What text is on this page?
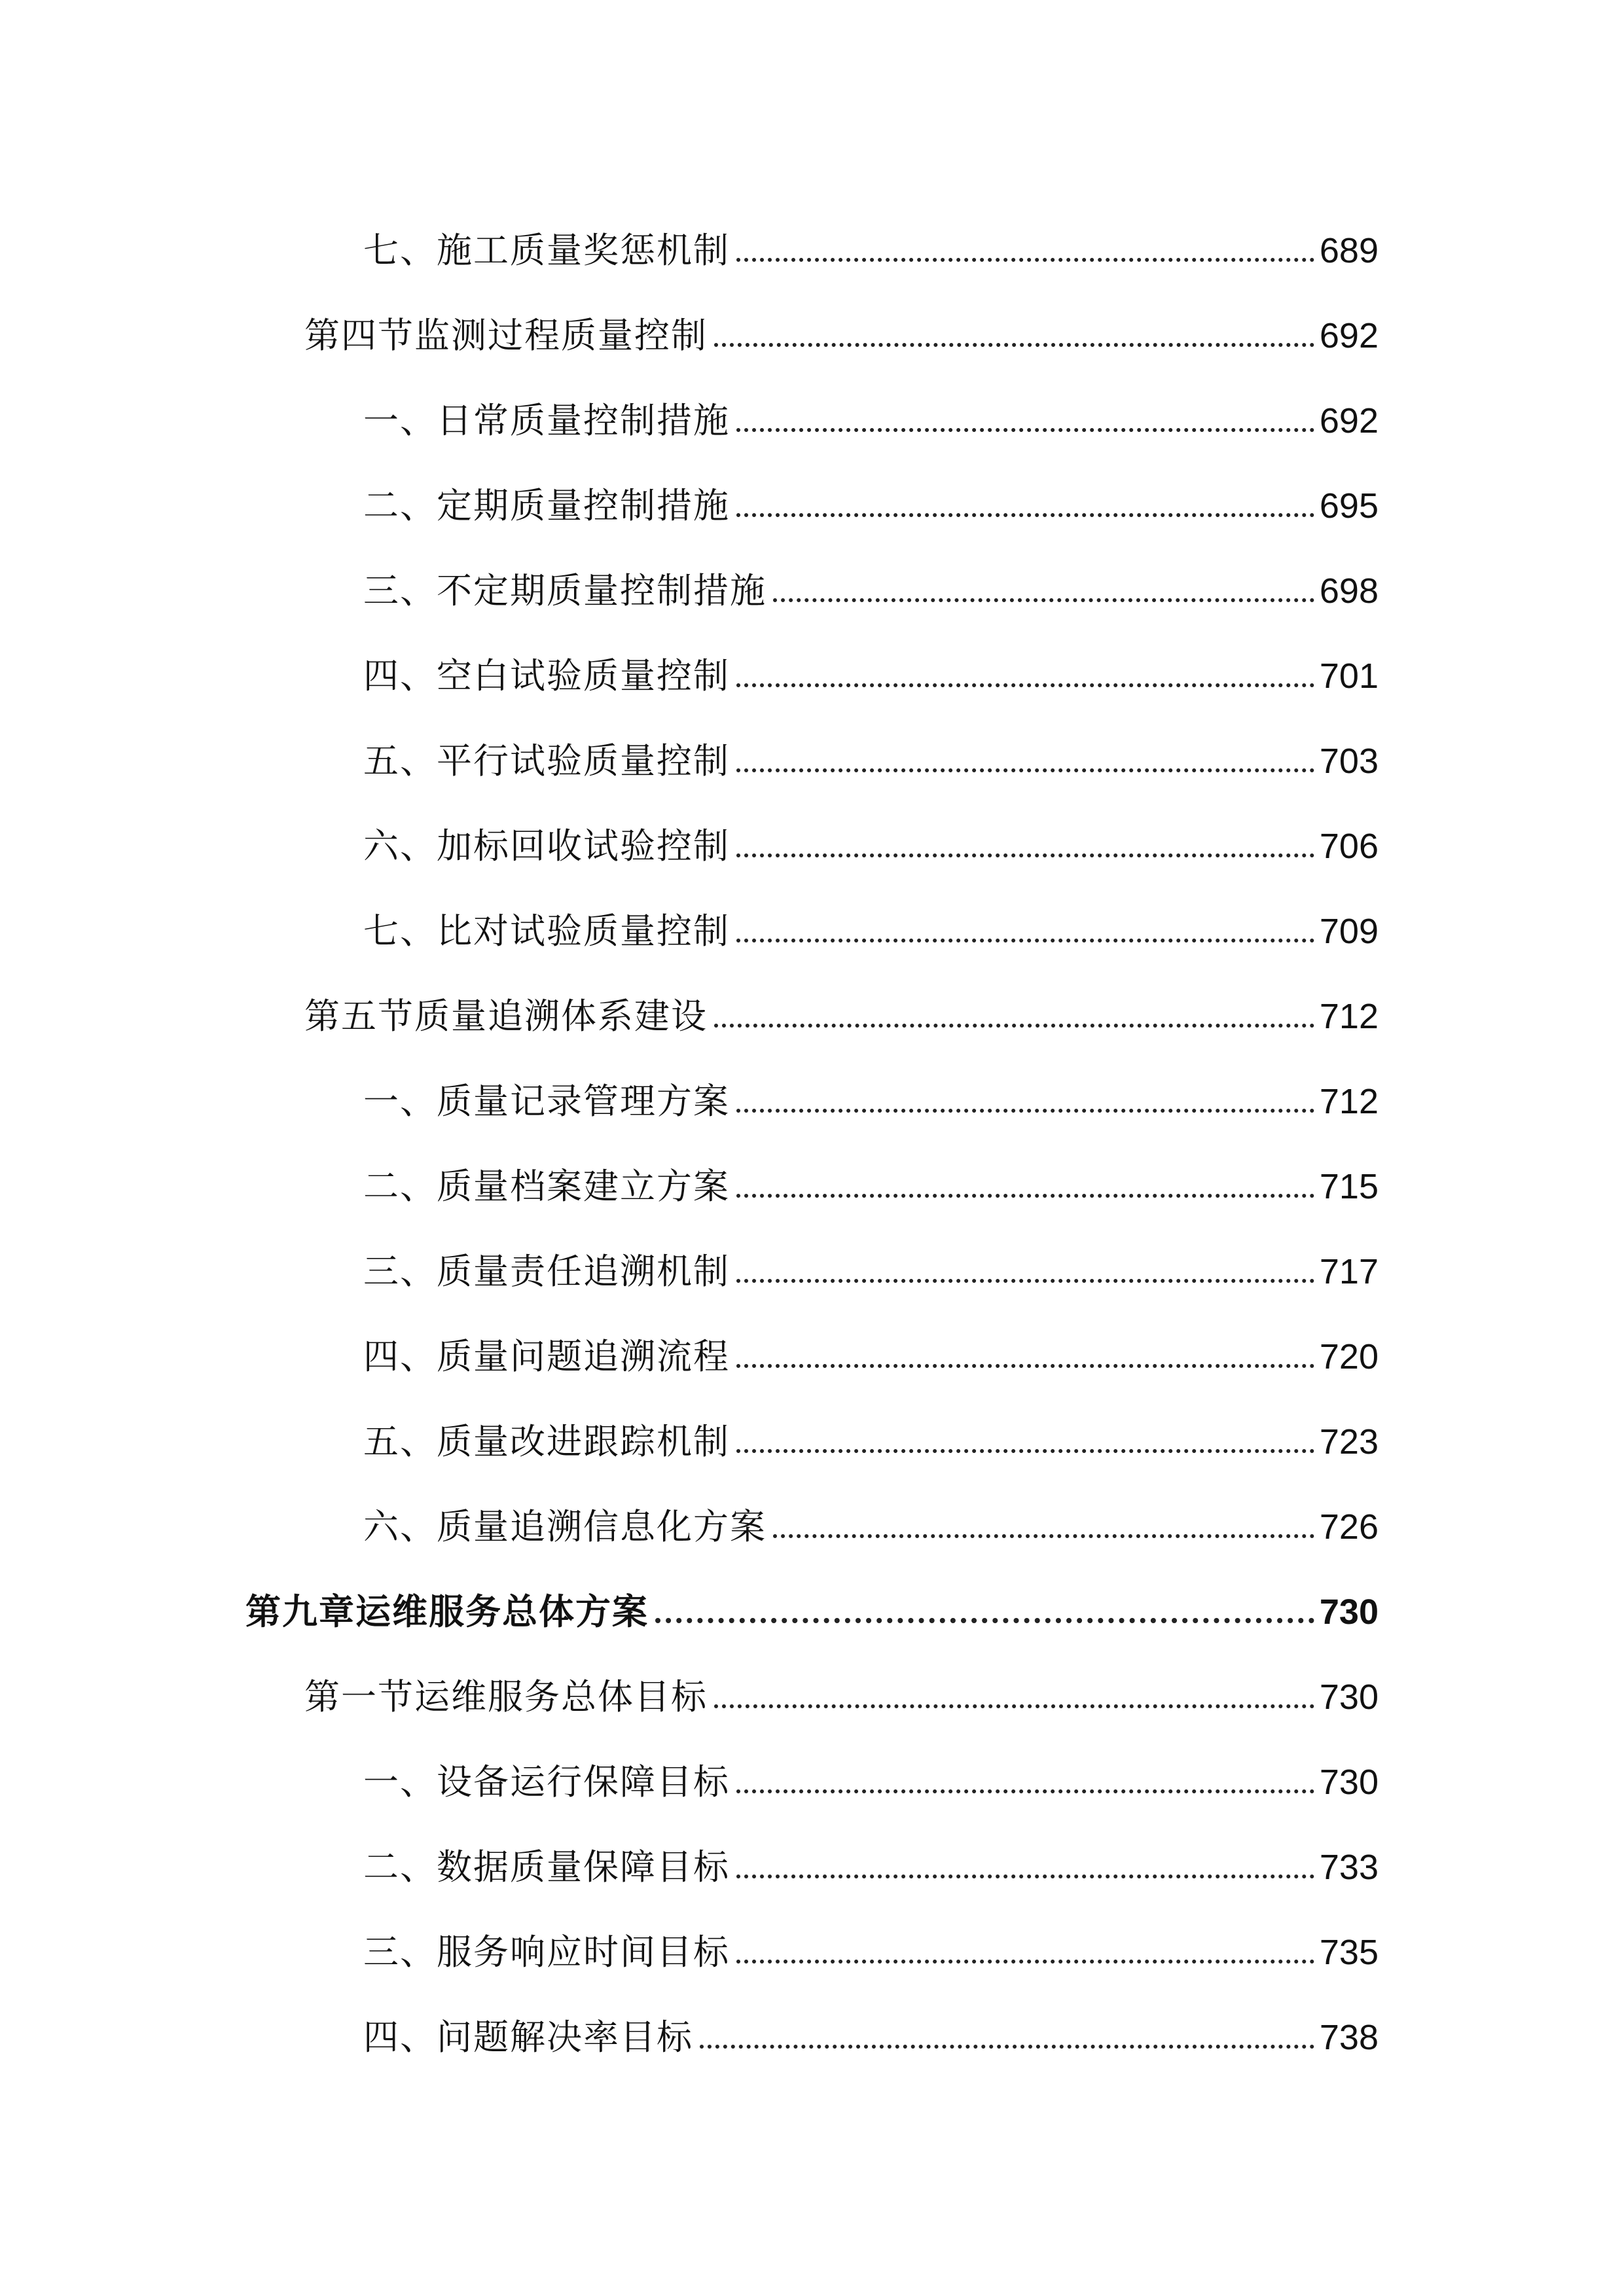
七、施工质量奖惩机制	689
第四节监测过程质量控制	692
一、日常质量控制措施	692
二、定期质量控制措施	695
三、不定期质量控制措施	698
四、空白试验质量控制	701
五、平行试验质量控制	703
六、加标回收试验控制	706
七、比对试验质量控制	709
第五节质量追溯体系建设	712
一、质量记录管理方案	712
二、质量档案建立方案	715
三、质量责任追溯机制	717
四、质量问题追溯流程	720
五、质量改进跟踪机制	723
六、质量追溯信息化方案	726
第九章运维服务总体方案	730
第一节运维服务总体目标	730
一、设备运行保障目标	730
二、数据质量保障目标	733
三、服务响应时间目标	735
四、问题解决率目标	738
